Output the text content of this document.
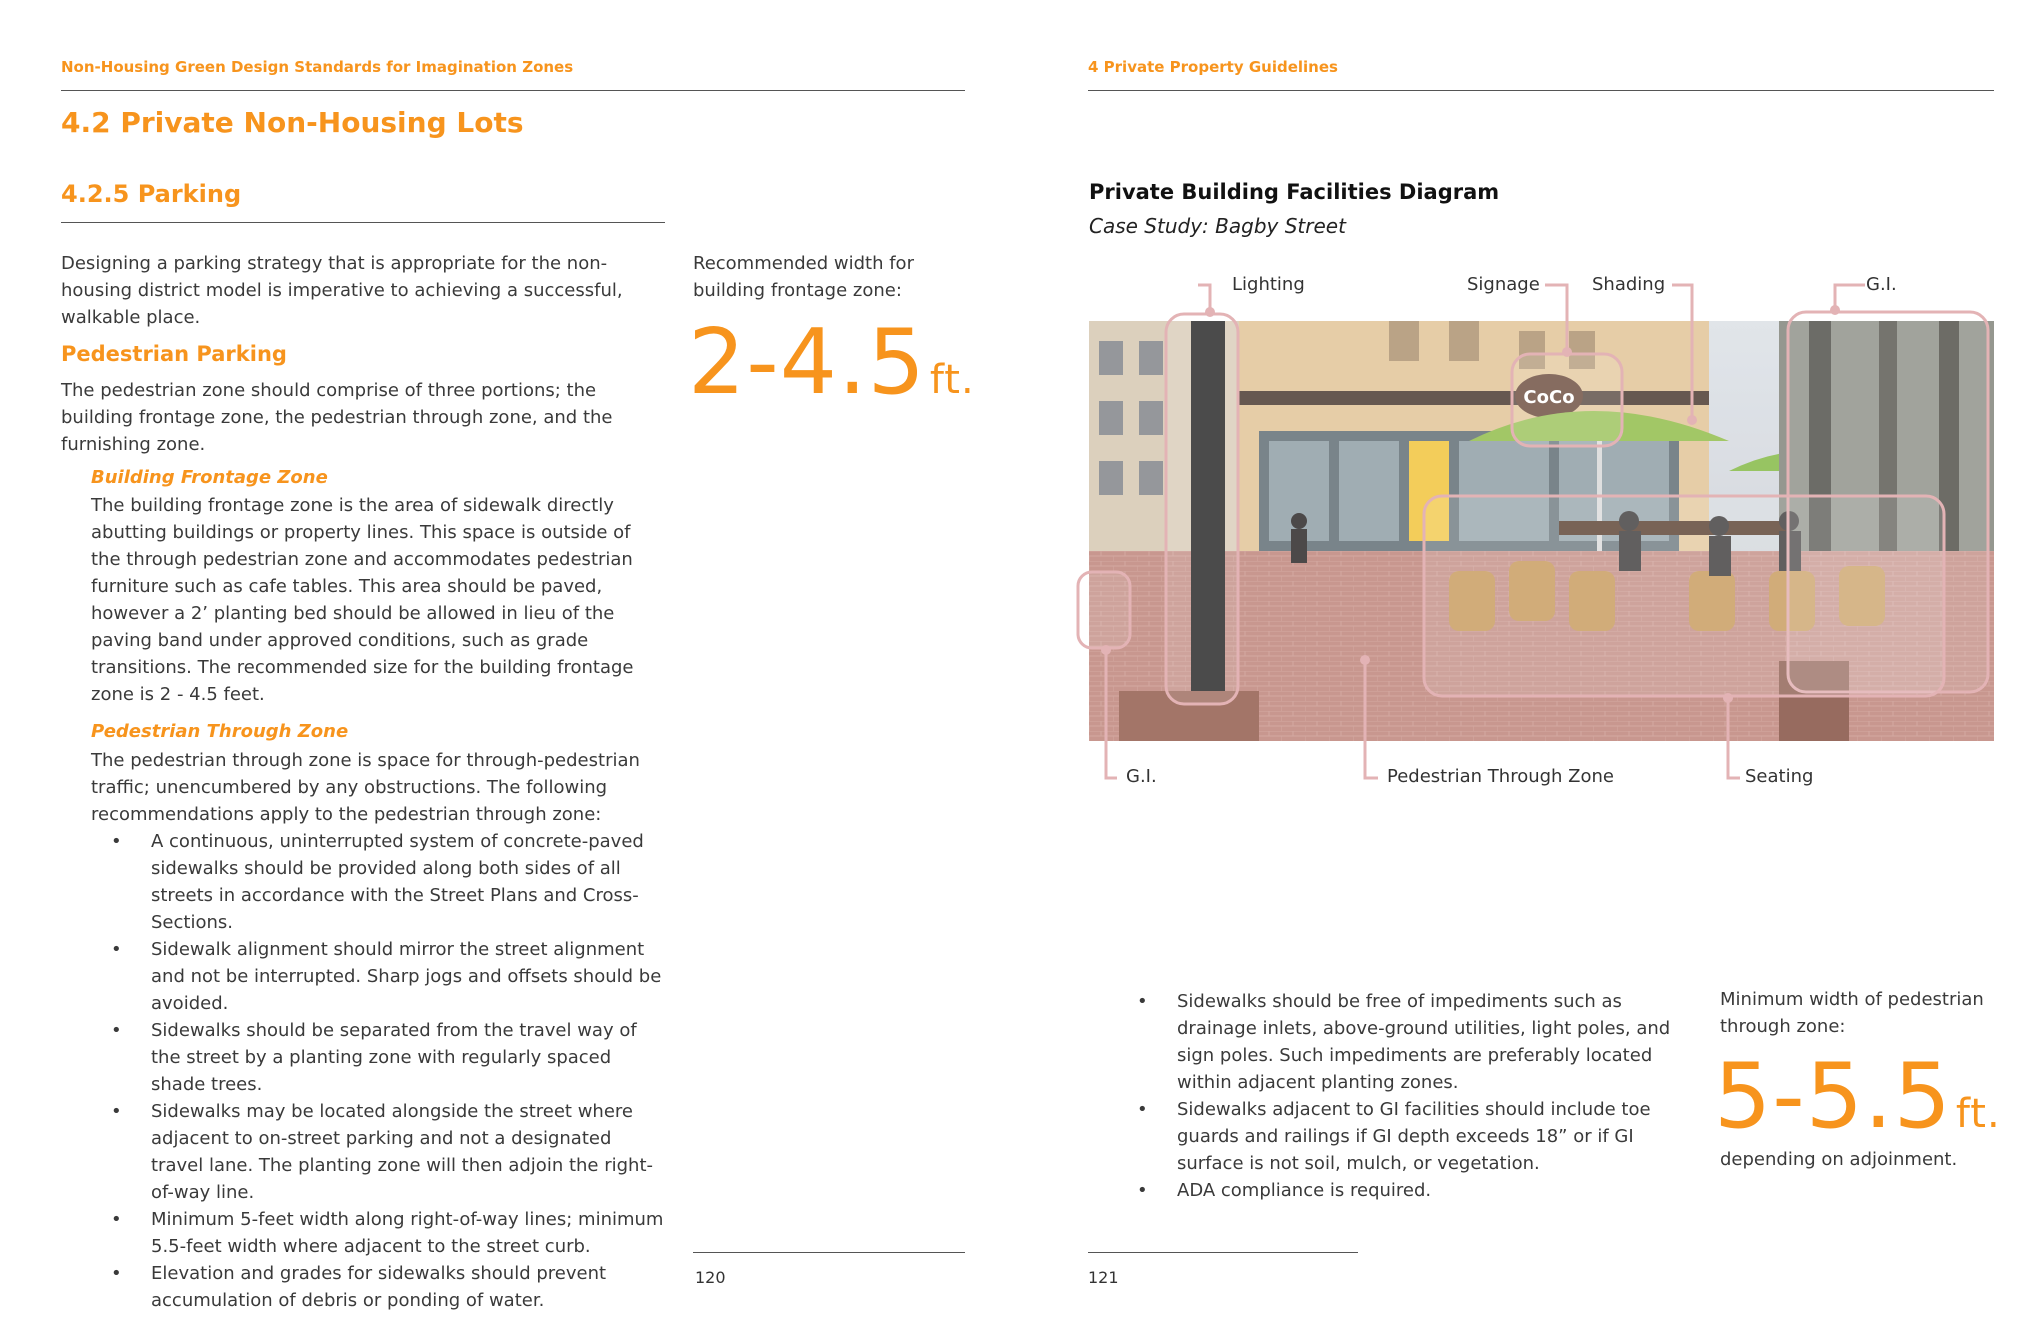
Non-Housing Green Design Standards for Imagination Zones
4.2 Private Non-Housing Lots
4.2.5 Parking
Designing a parking strategy that is appropriate for the non-housing district model is imperative to achieving a successful, walkable place.
Pedestrian Parking
The pedestrian zone should comprise of three portions; the building frontage zone, the pedestrian through zone, and the furnishing zone.
Building Frontage Zone
The building frontage zone is the area of sidewalk directly abutting buildings or property lines. This space is outside of the through pedestrian zone and accommodates pedestrian furniture such as cafe tables. This area should be paved, however a 2’ planting bed should be allowed in lieu of the paving band under approved conditions, such as grade transitions. The recommended size for the building frontage zone is 2 - 4.5 feet.
Pedestrian Through Zone
The pedestrian through zone is space for through-pedestrian traffic; unencumbered by any obstructions. The following recommendations apply to the pedestrian through zone:
• A continuous, uninterrupted system of concrete-paved sidewalks should be provided along both sides of all streets in accordance with the Street Plans and Cross-Sections.
• Sidewalk alignment should mirror the street alignment and not be interrupted. Sharp jogs and offsets should be avoided.
• Sidewalks should be separated from the travel way of the street by a planting zone with regularly spaced shade trees.
• Sidewalks may be located alongside the street where adjacent to on-street parking and not a designated travel lane. The planting zone will then adjoin the right-of-way line.
• Minimum 5-feet width along right-of-way lines; minimum 5.5-feet width where adjacent to the street curb.
• Elevation and grades for sidewalks should prevent accumulation of debris or ponding of water.
Recommended width for building frontage zone:
2-4.5 ft.
120
4 Private Property Guidelines
Private Building Facilities Diagram
Case Study: Bagby Street
CoCo
Lighting	Signage	Shading	G.I.
G.I.	Pedestrian Through Zone	Seating
• Sidewalks should be free of impediments such as drainage inlets, above-ground utilities, light poles, and sign poles. Such impediments are preferably located within adjacent planting zones.
• Sidewalks adjacent to GI facilities should include toe guards and railings if GI depth exceeds 18” or if GI surface is not soil, mulch, or vegetation.
• ADA compliance is required.
Minimum width of pedestrian through zone:
5-5.5 ft.
depending on adjoinment.
121
